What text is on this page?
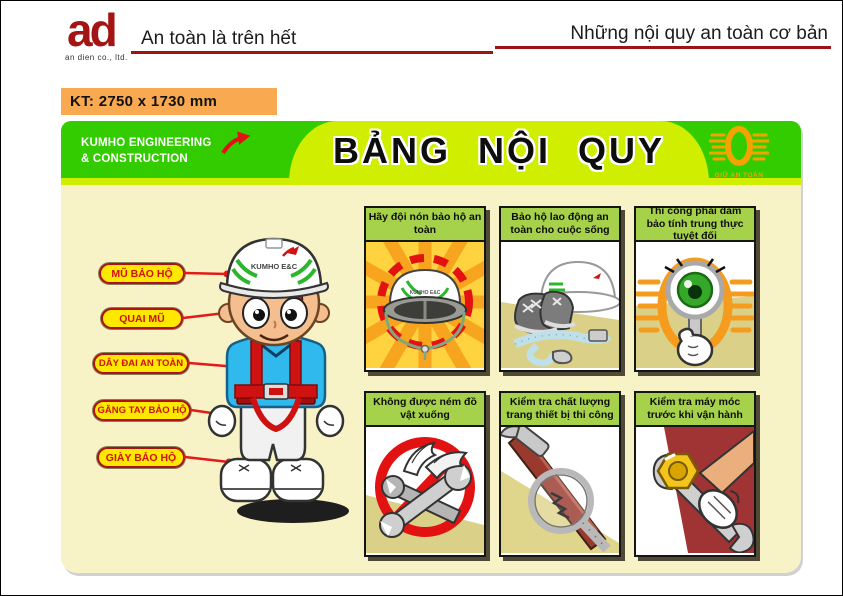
ad
an dien co., ltd.
An toàn là trên hết	Những nội quy an toàn cơ bản
KT: 2750 x 1730 mm
KUMHO ENGINEERING
& CONSTRUCTION	BẢNG NỘI QUY
GIỮ AN TOÀN
MŨ BẢO HỘ
QUAI MŨ
DÂY ĐAI AN TOÀN
GĂNG TAY BẢO HỘ
GIÀY BẢO HỘ
KUMHO E&C
Hãy đội nón bảo hộ an toàn
KUMHO E&C
Bảo hộ lao động an toàn cho cuộc sống
Thi công phải đảm bảo tính trung thực tuyệt đối
Không được ném đồ vật xuống
Kiểm tra chất lượng trang thiết bị thi công
Kiểm tra máy móc trước khi vận hành
